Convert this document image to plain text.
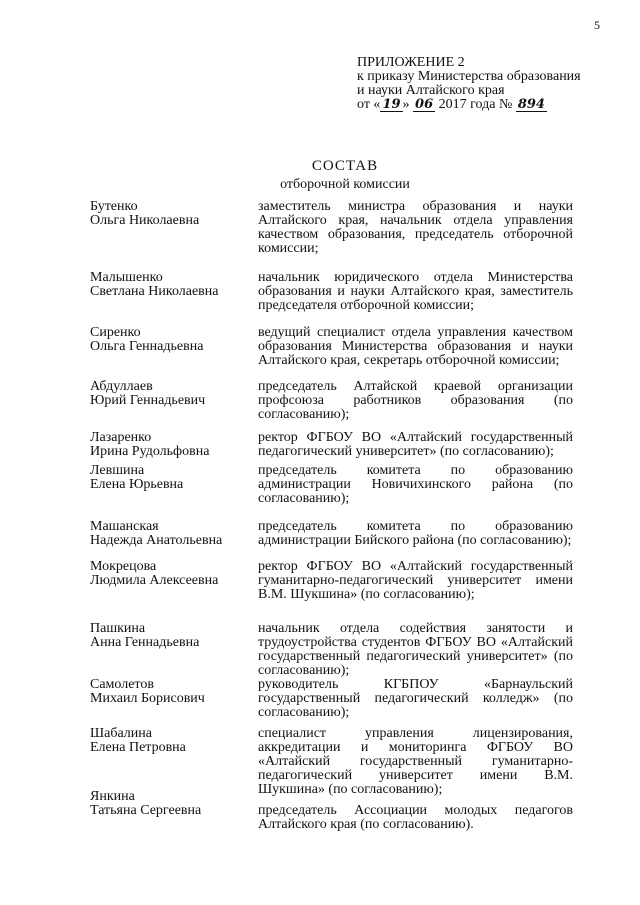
5
ПРИЛОЖЕНИЕ 2
к приказу Министерства образования
и науки Алтайского края
от « 19 » 06 2017 года № 894
СОСТАВ
отборочной комиссии
Бутенко
Ольга Николаевна
заместитель министра образования и науки Алтайского края, начальник отдела управления качеством образования, председатель отборочной комиссии;
Малышенко
Светлана Николаевна
начальник юридического отдела Министерства образования и науки Алтайского края, заместитель председателя отборочной комиссии;
Сиренко
Ольга Геннадьевна
ведущий специалист отдела управления качеством образования Министерства образования и науки Алтайского края, секретарь отборочной комиссии;
Абдуллаев
Юрий Геннадьевич
председатель Алтайской краевой организации профсоюза работников образования (по согласованию);
Лазаренко
Ирина Рудольфовна
ректор ФГБОУ ВО «Алтайский государственный педагогический университет» (по согласованию);
Левшина
Елена Юрьевна
председатель комитета по образованию администрации Новичихинского района (по согласованию);
Машанская
Надежда Анатольевна
председатель комитета по образованию администрации Бийского района (по согласованию);
Мокрецова
Людмила Алексеевна
ректор ФГБОУ ВО «Алтайский государственный гуманитарно-педагогический университет имени В.М. Шукшина» (по согласованию);
Пашкина
Анна Геннадьевна
начальник отдела содействия занятости и трудоустройства студентов ФГБОУ ВО «Алтайский государственный педагогический университет» (по согласованию);
Самолетов
Михаил Борисович
руководитель КГБПОУ «Барнаульский государственный педагогический колледж» (по согласованию);
Шабалина
Елена Петровна
специалист управления лицензирования, аккредитации и мониторинга ФГБОУ ВО «Алтайский государственный гуманитарно-педагогический университет имени В.М. Шукшина» (по согласованию);
Янкина
Татьяна Сергеевна	председатель Ассоциации молодых педагогов Алтайского края (по согласованию).
